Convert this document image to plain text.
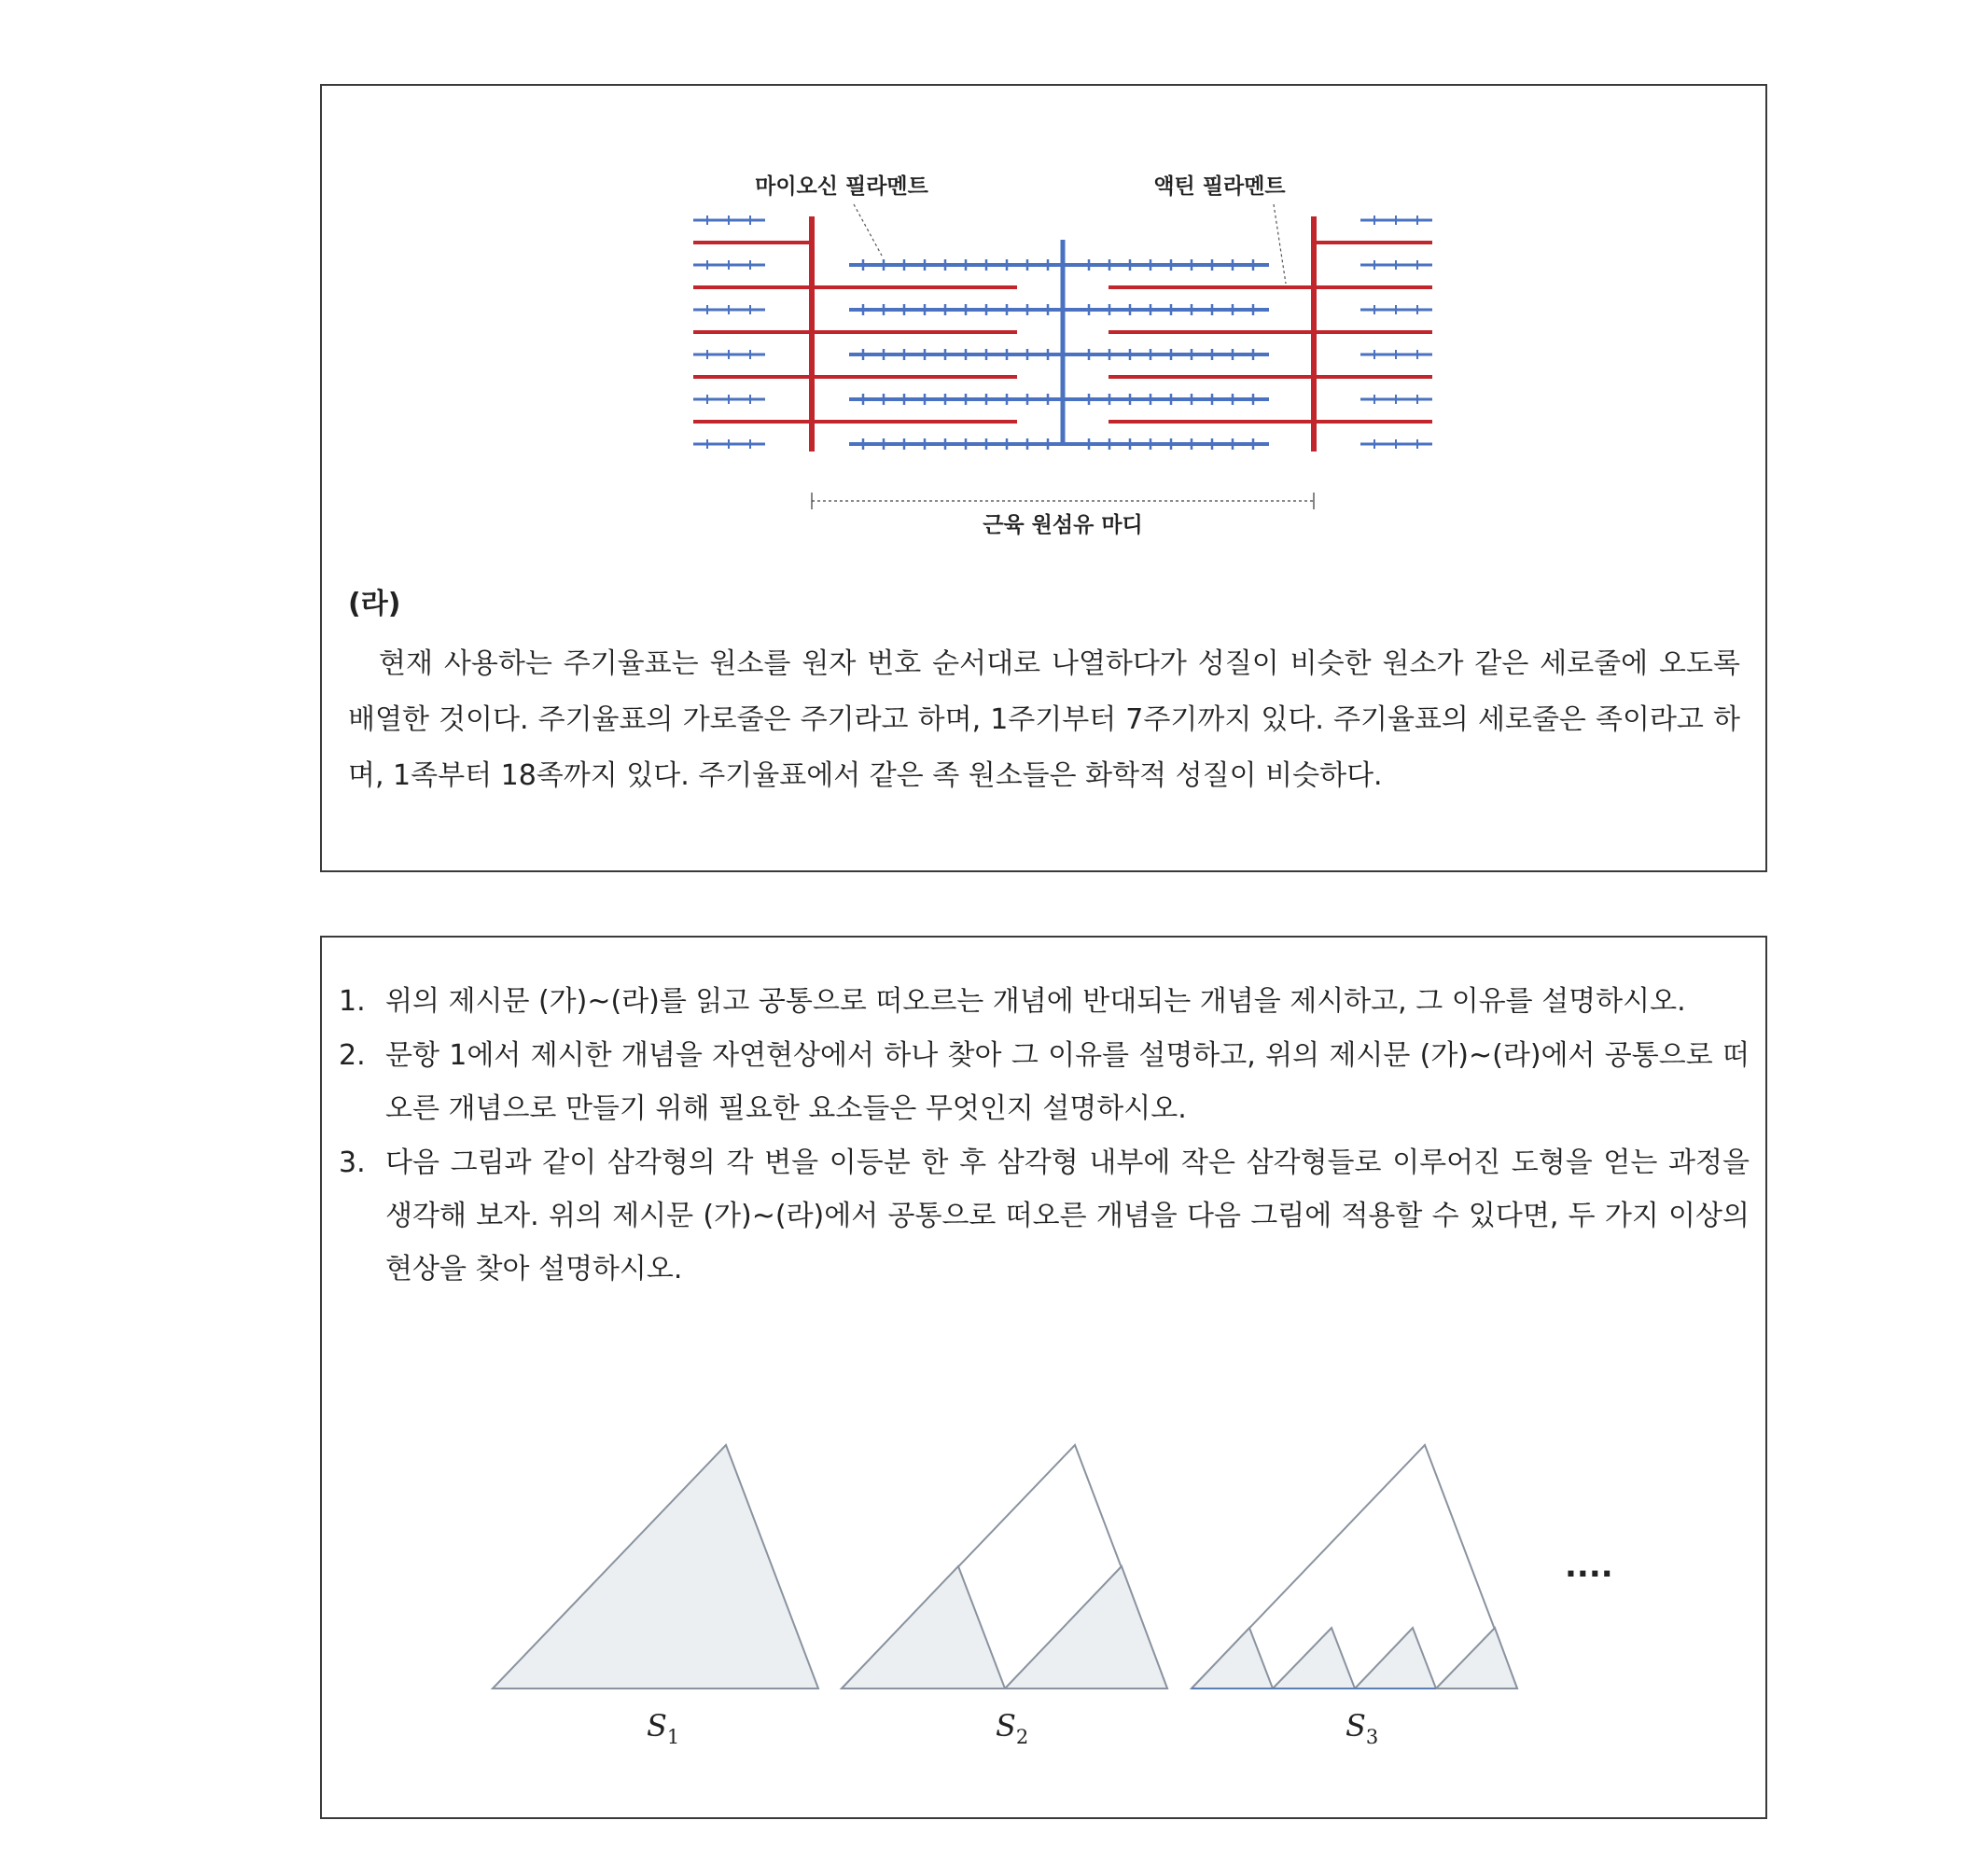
마이오신 필라멘트	액틴 필라멘트
근육 원섬유 마디

(라)

현재 사용하는 주기율표는 원소를 원자 번호 순서대로 나열하다가 성질이 비슷한 원소가 같은 세로줄에 오도록 배열한 것이다. 주기율표의 가로줄은 주기라고 하며, 1주기부터 7주기까지 있다. 주기율표의 세로줄은 족이라고 하며, 1족부터 18족까지 있다. 주기율표에서 같은 족 원소들은 화학적 성질이 비슷하다.

1. 위의 제시문 (가)~(라)를 읽고 공통으로 떠오르는 개념에 반대되는 개념을 제시하고, 그 이유를 설명하시오.
2. 문항 1에서 제시한 개념을 자연현상에서 하나 찾아 그 이유를 설명하고, 위의 제시문 (가)~(라)에서 공통으로 떠오른 개념으로 만들기 위해 필요한 요소들은 무엇인지 설명하시오.
3. 다음 그림과 같이 삼각형의 각 변을 이등분 한 후 삼각형 내부에 작은 삼각형들로 이루어진 도형을 얻는 과정을 생각해 보자. 위의 제시문 (가)~(라)에서 공통으로 떠오른 개념을 다음 그림에 적용할 수 있다면, 두 가지 이상의 현상을 찾아 설명하시오.
....
$S_1$	$S_2$	$S_3$
